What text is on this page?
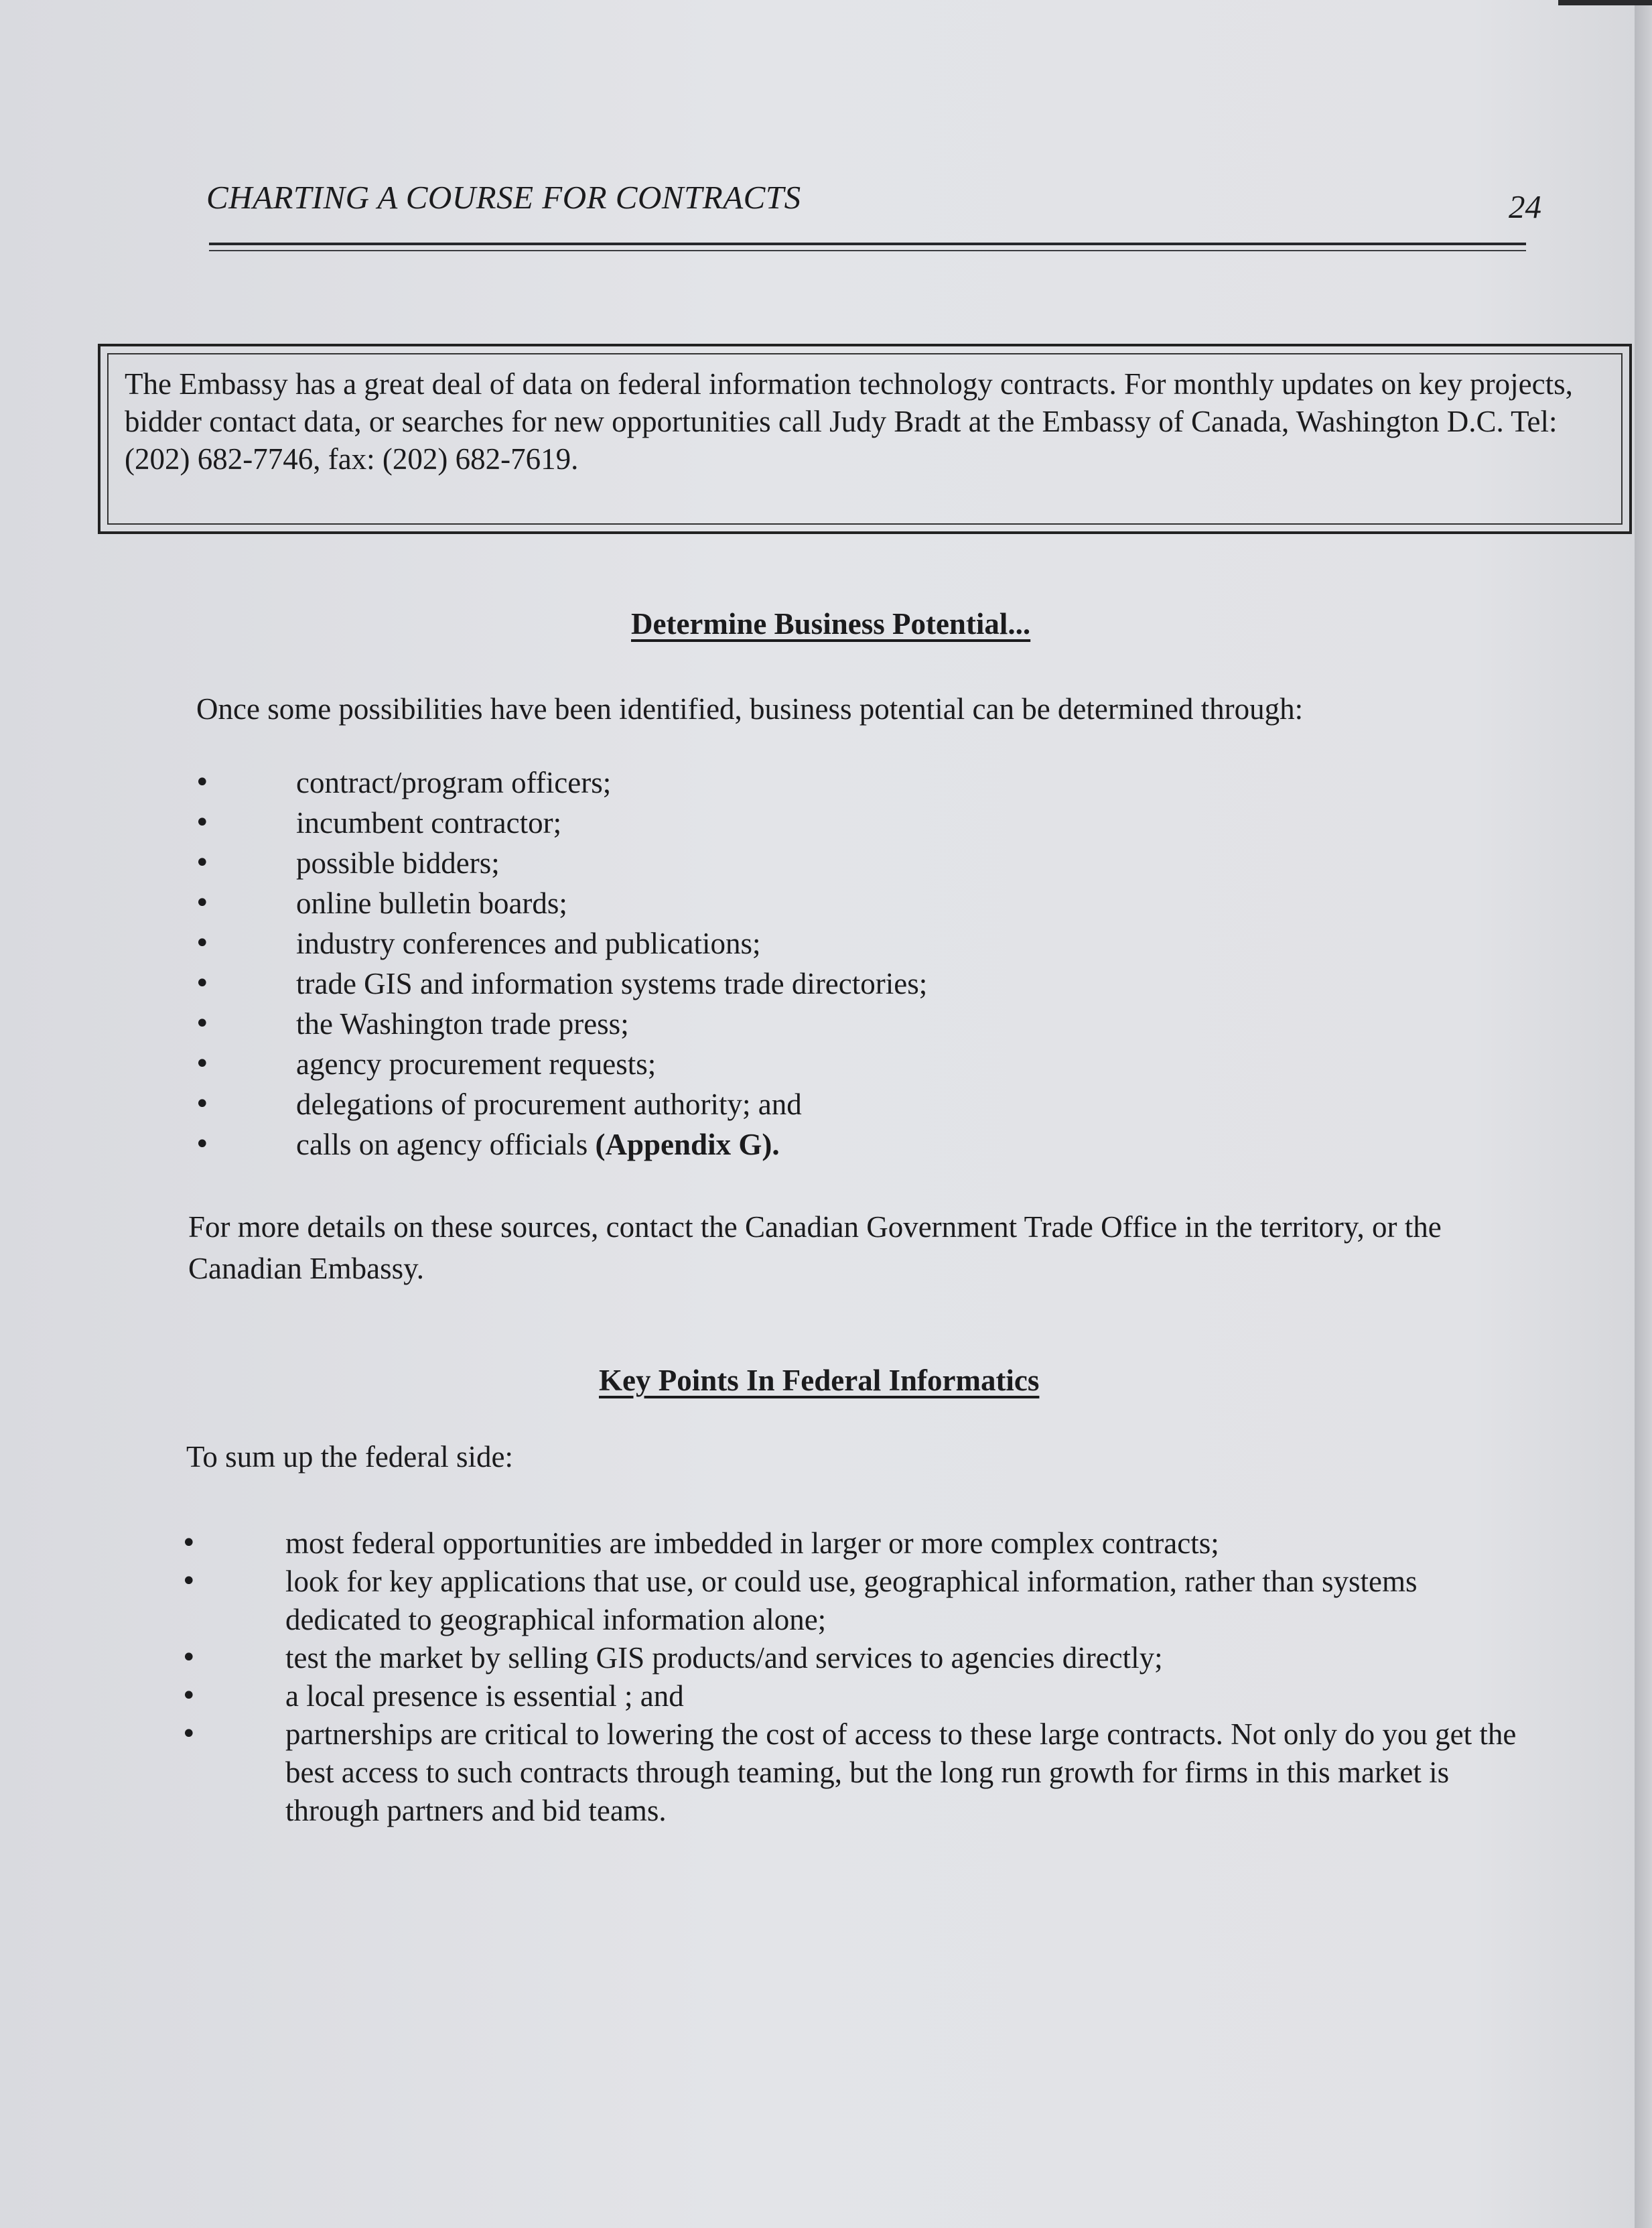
CHARTING A COURSE FOR CONTRACTS	24

The Embassy has a great deal of data on federal information technology contracts. For monthly updates on key projects, bidder contact data, or searches for new opportunities call Judy Bradt at the Embassy of Canada, Washington D.C. Tel: (202) 682-7746, fax: (202) 682-7619.

Determine Business Potential...

Once some possibilities have been identified, business potential can be determined through:

•	contract/program officers;
•	incumbent contractor;
•	possible bidders;
•	online bulletin boards;
•	industry conferences and publications;
•	trade GIS and information systems trade directories;
•	the Washington trade press;
•	agency procurement requests;
•	delegations of procurement authority; and
•	calls on agency officials (Appendix G).

For more details on these sources, contact the Canadian Government Trade Office in the territory, or the Canadian Embassy.

Key Points In Federal Informatics

To sum up the federal side:

•	most federal opportunities are imbedded in larger or more complex contracts;
•	look for key applications that use, or could use, geographical information, rather than systems dedicated to geographical information alone;
•	test the market by selling GIS products/and services to agencies directly;
•	a local presence is essential ; and
•	partnerships are critical to lowering the cost of access to these large contracts. Not only do you get the best access to such contracts through teaming, but the long run growth for firms in this market is through partners and bid teams.
